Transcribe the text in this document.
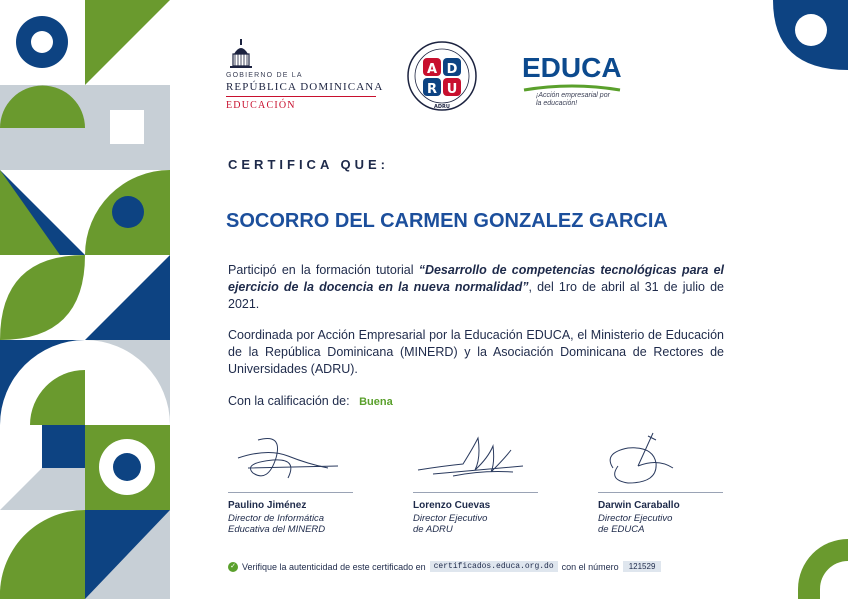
GOBIERNO DE LA
REPÚBLICA DOMINICANA
EDUCACIÓN
A D
R U
ADRU
EDUCA
¡Acción empresarial por la educación!
CERTIFICA QUE:
SOCORRO DEL CARMEN GONZALEZ GARCIA

Participó en la formación tutorial “Desarrollo de competencias tecnológicas para el ejercicio de la docencia en la nueva normalidad”, del 1ro de abril al 31 de julio de 2021.

Coordinada por Acción Empresarial por la Educación EDUCA, el Ministerio de Educación de la República Dominicana (MINERD) y la Asociación Dominicana de Rectores de Universidades (ADRU).

Con la calificación de: Buena
Paulino Jiménez
Director de Informática
Educativa del MINERD
Lorenzo Cuevas
Director Ejecutivo
de ADRU
Darwin Caraballo
Director Ejecutivo
de EDUCA
✓ Verifique la autenticidad de este certificado en	certificados.educa.org.do con el número	121529
